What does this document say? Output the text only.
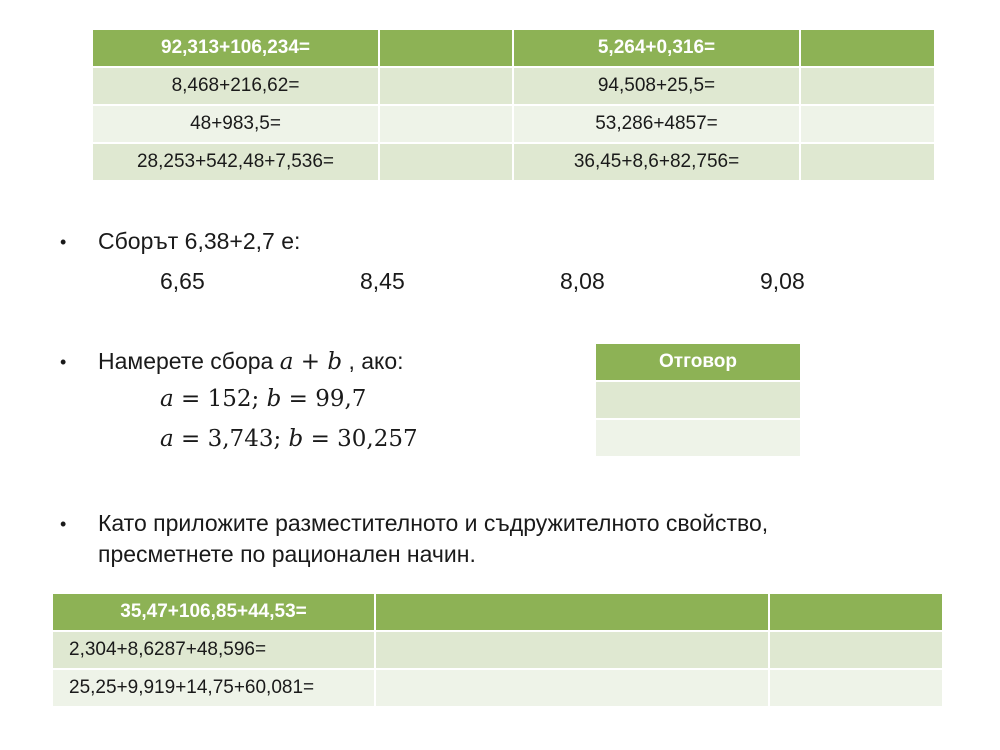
92,313+106,234=		5,264+0,316=	
8,468+216,62=		94,508+25,5=	
48+983,5=		53,286+4857=	
28,253+542,48+7,536=		36,45+8,6+82,756=	
• Сборът 6,38+2,7 е:
6,65	8,45	8,08	9,08
• Намерете сбора a + b , ако:
a = 152; b = 99,7
a = 3,743; b = 30,257
Отговор

• Като приложите разместителното и съдружителното свойство,
пресметнете по рационален начин.
35,47+106,85+44,53=		
2,304+8,6287+48,596=		
25,25+9,919+14,75+60,081=		
